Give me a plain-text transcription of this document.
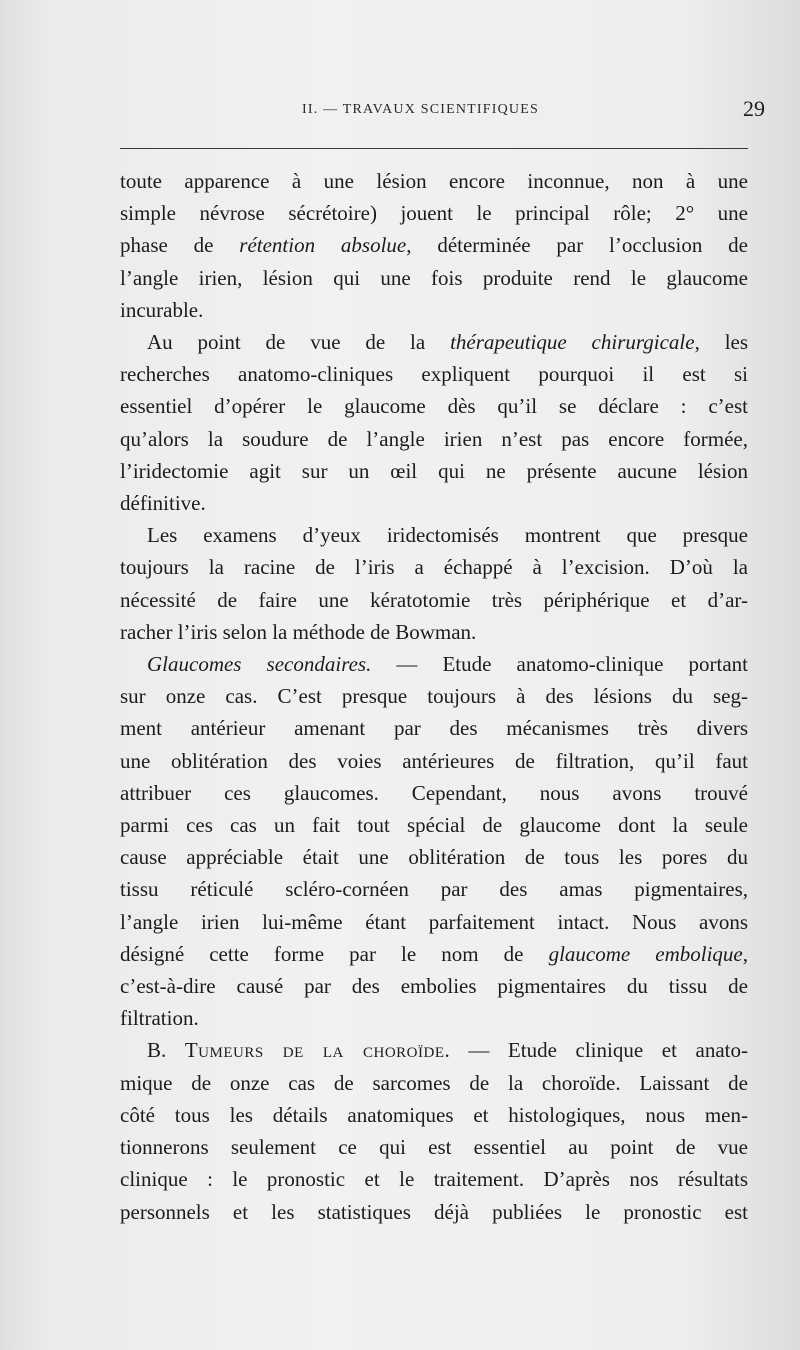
II. — TRAVAUX SCIENTIFIQUES	29
toute apparence à une lésion encore inconnue, non à une
simple névrose sécrétoire) jouent le principal rôle; 2° une
phase de rétention absolue, déterminée par l’occlusion de
l’angle irien, lésion qui une fois produite rend le glaucome
incurable.
Au point de vue de la thérapeutique chirurgicale, les
recherches anatomo-cliniques expliquent pourquoi il est si
essentiel d’opérer le glaucome dès qu’il se déclare : c’est
qu’alors la soudure de l’angle irien n’est pas encore formée,
l’iridectomie agit sur un œil qui ne présente aucune lésion
définitive.
Les examens d’yeux iridectomisés montrent que presque
toujours la racine de l’iris a échappé à l’excision. D’où la
nécessité de faire une kératotomie très périphérique et d’ar-
racher l’iris selon la méthode de Bowman.
Glaucomes secondaires. — Etude anatomo-clinique portant
sur onze cas. C’est presque toujours à des lésions du seg-
ment antérieur amenant par des mécanismes très divers
une oblitération des voies antérieures de filtration, qu’il faut
attribuer ces glaucomes. Cependant, nous avons trouvé
parmi ces cas un fait tout spécial de glaucome dont la seule
cause appréciable était une oblitération de tous les pores du
tissu réticulé scléro-cornéen par des amas pigmentaires,
l’angle irien lui-même étant parfaitement intact. Nous avons
désigné cette forme par le nom de glaucome embolique,
c’est-à-dire causé par des embolies pigmentaires du tissu de
filtration.
B. Tumeurs de la choroïde. — Etude clinique et anato-
mique de onze cas de sarcomes de la choroïde. Laissant de
côté tous les détails anatomiques et histologiques, nous men-
tionnerons seulement ce qui est essentiel au point de vue
clinique : le pronostic et le traitement. D’après nos résultats
personnels et les statistiques déjà publiées le pronostic est
